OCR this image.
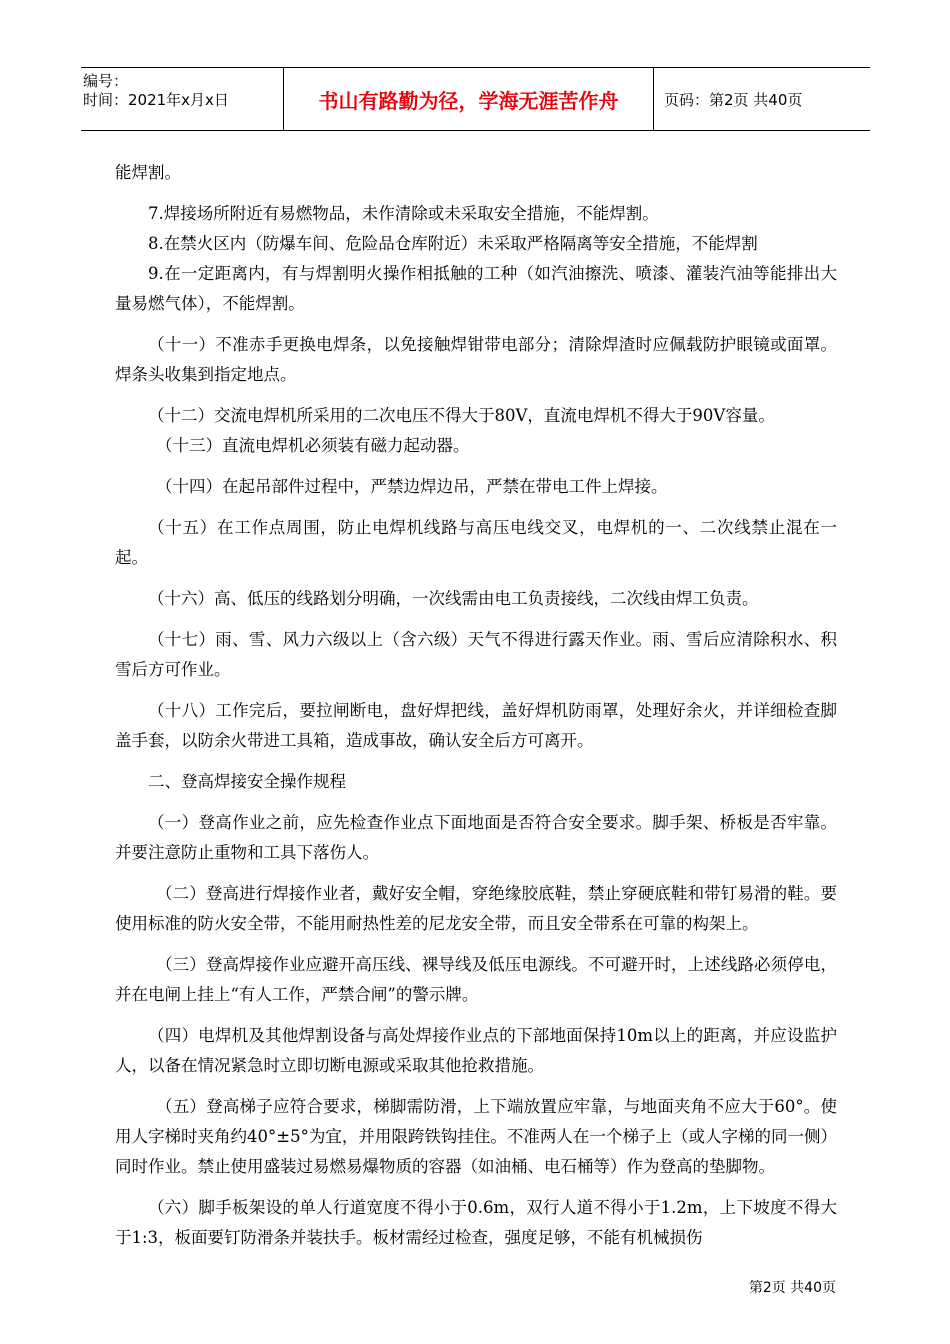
编号：
时间：2021年x月x日	书山有路勤为径，学海无涯苦作舟	页码：第2页 共40页

能焊割。

7.焊接场所附近有易燃物品，未作清除或未采取安全措施，不能焊割。

8.在禁火区内（防爆车间、危险品仓库附近）未采取严格隔离等安全措施，不能焊割

9.在一定距离内，有与焊割明火操作相抵触的工种（如汽油擦洗、喷漆、灌装汽油等能排出大量易燃气体），不能焊割。

（十一）不准赤手更换电焊条，以免接触焊钳带电部分；清除焊渣时应佩载防护眼镜或面罩。焊条头收集到指定地点。

（十二）交流电焊机所采用的二次电压不得大于80V，直流电焊机不得大于90V容量。

（十三）直流电焊机必须装有磁力起动器。

（十四）在起吊部件过程中，严禁边焊边吊，严禁在带电工件上焊接。

（十五）在工作点周围，防止电焊机线路与高压电线交叉，电焊机的一、二次线禁止混在一起。

（十六）高、低压的线路划分明确，一次线需由电工负责接线，二次线由焊工负责。

（十七）雨、雪、风力六级以上（含六级）天气不得进行露天作业。雨、雪后应清除积水、积雪后方可作业。

（十八）工作完后，要拉闸断电，盘好焊把线，盖好焊机防雨罩，处理好余火，并详细检查脚盖手套，以防余火带进工具箱，造成事故，确认安全后方可离开。

二、登高焊接安全操作规程

（一）登高作业之前，应先检查作业点下面地面是否符合安全要求。脚手架、桥板是否牢靠。并要注意防止重物和工具下落伤人。

（二）登高进行焊接作业者，戴好安全帽，穿绝缘胶底鞋，禁止穿硬底鞋和带钉易滑的鞋。要使用标准的防火安全带，不能用耐热性差的尼龙安全带，而且安全带系在可靠的构架上。

（三）登高焊接作业应避开高压线、裸导线及低压电源线。不可避开时，上述线路必须停电，并在电闸上挂上“有人工作，严禁合闸”的警示牌。

（四）电焊机及其他焊割设备与高处焊接作业点的下部地面保持10m以上的距离，并应设监护人，以备在情况紧急时立即切断电源或采取其他抢救措施。

（五）登高梯子应符合要求，梯脚需防滑，上下端放置应牢靠，与地面夹角不应大于60°。使用人字梯时夹角约40°±5°为宜，并用限跨铁钩挂住。不准两人在一个梯子上（或人字梯的同一侧）同时作业。禁止使用盛装过易燃易爆物质的容器（如油桶、电石桶等）作为登高的垫脚物。

（六）脚手板架设的单人行道宽度不得小于0.6m，双行人道不得小于1.2m，上下坡度不得大于1:3，板面要钉防滑条并装扶手。板材需经过检查，强度足够，不能有机械损伤

第2页 共40页
